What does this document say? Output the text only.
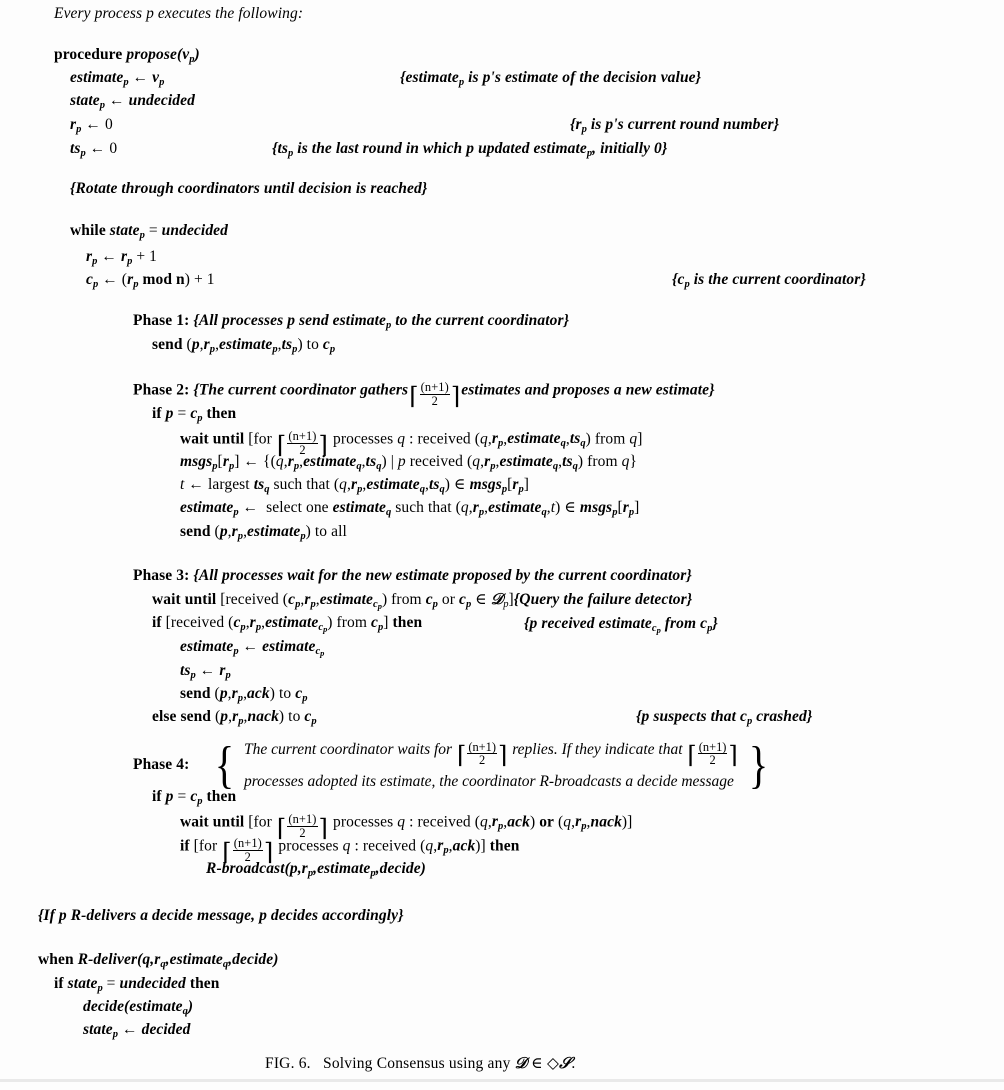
Every process p executes the following:
procedure $propose(v_p)$
estimate$_p$ ← $v_p$	{estimate$_p$ is p's estimate of the decision value}
state$_p$ ← undecided
$r_p$ ← 0	{$r_p$ is p's current round number}
$ts_p$ ← 0	{$ts_p$ is the last round in which p updated estimate$_p$, initially 0}
{Rotate through coordinators until decision is reached}
while state$_p$ = undecided
$r_p$ ← $r_p + 1$
$c_p$ ← ($r_p$ mod n) + 1	{$c_p$ is the current coordinator}
Phase 1: {All processes p send estimate$_p$ to the current coordinator}
send $(p,r_p,estimate_p,ts_p)$ to $c_p$
Phase 2: {The current coordinator gathers⌈ $\frac{(n+1)}{2}$ ⌉estimates and proposes a new estimate}
if $p = c_p$ then
wait until [for ⌈ $\frac{(n+1)}{2}$ ⌉ processes q : received $(q,r_p,estimate_q,ts_q)$ from q]
$msgs_p[r_p]$ ← {$(q,r_p,estimate_q,ts_q)$ | p received $(q,r_p,estimate_q,ts_q)$ from q}
t ← largest $ts_q$ such that $(q,r_p,estimate_q,ts_q)$ ∈ $msgs_p[r_p]$
estimate$_p$ ←  select one estimate$_q$ such that $(q,r_p,estimate_q,t)$ ∈ $msgs_p[r_p]$
send $(p,r_p,estimate_p)$ to all
Phase 3: {All processes wait for the new estimate proposed by the current coordinator}
wait until [received $(c_p,r_p,estimate_{c_p})$ from $c_p$ or $c_p$ ∈ 𝒟$_p$]{Query the failure detector}
if [received $(c_p,r_p,estimate_{c_p})$ from $c_p$] then	{p received estimate$_{c_p}$ from $c_p$}
estimate$_p$ ← estimate$_{c_p}$
$ts_p$ ← $r_p$
send $(p,r_p,ack)$ to $c_p$
else send $(p,r_p,nack)$ to $c_p$	{p suspects that $c_p$ crashed}
Phase 4: { The current coordinator waits for ⌈ $\frac{(n+1)}{2}$ ⌉ replies. If they indicate that ⌈ $\frac{(n+1)}{2}$ ⌉
processes adopted its estimate, the coordinator R-broadcasts a decide message }
if $p = c_p$ then
wait until [for ⌈ $\frac{(n+1)}{2}$ ⌉ processes q : received $(q,r_p,ack)$ or $(q,r_p,nack)$]
if [for ⌈ $\frac{(n+1)}{2}$ ⌉ processes q : received $(q,r_p,ack)$] then
$R-broadcast(p,r_p,estimate_p,decide)$
{If p R-delivers a decide message, p decides accordingly}
when $R-deliver(q,r_q,estimate_q,decide)$
if state$_p$ = undecided then
decide(estimate$_q$)
state$_p$ ← decided
FIG. 6. Solving Consensus using any 𝒟 ∈ ◇𝒮.
